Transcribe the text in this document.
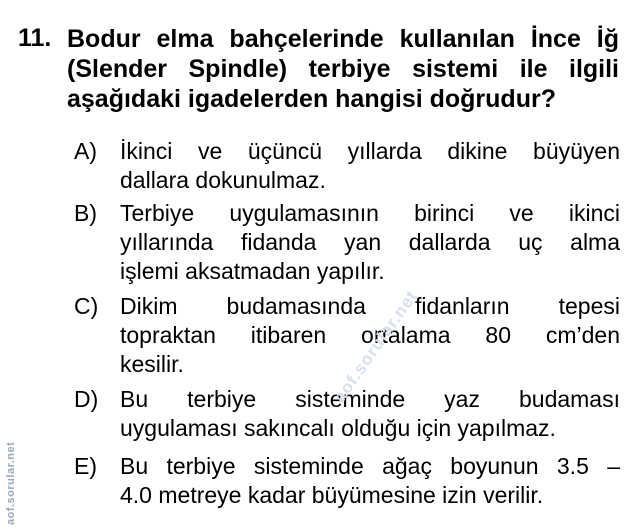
11. Bodur elma bahçelerinde kullanılan İnce İğ
(Slender Spindle) terbiye sistemi ile ilgili
aşağıdaki igadelerden hangisi doğrudur?
A) İkinci ve üçüncü yıllarda dikine büyüyen
dallara dokunulmaz.
B) Terbiye uygulamasının birinci ve ikinci
yıllarında fidanda yan dallarda uç alma
işlemi aksatmadan yapılır.
C) Dikim budamasında fidanların tepesi
topraktan itibaren ortalama 80 cm’den
kesilir.
D) Bu terbiye sisteminde yaz budaması
uygulaması sakıncalı olduğu için yapılmaz.
E) Bu terbiye sisteminde ağaç boyunun 3.5 –
4.0 metreye kadar büyümesine izin verilir.
aof.sorular.net
aof.sorular.net
